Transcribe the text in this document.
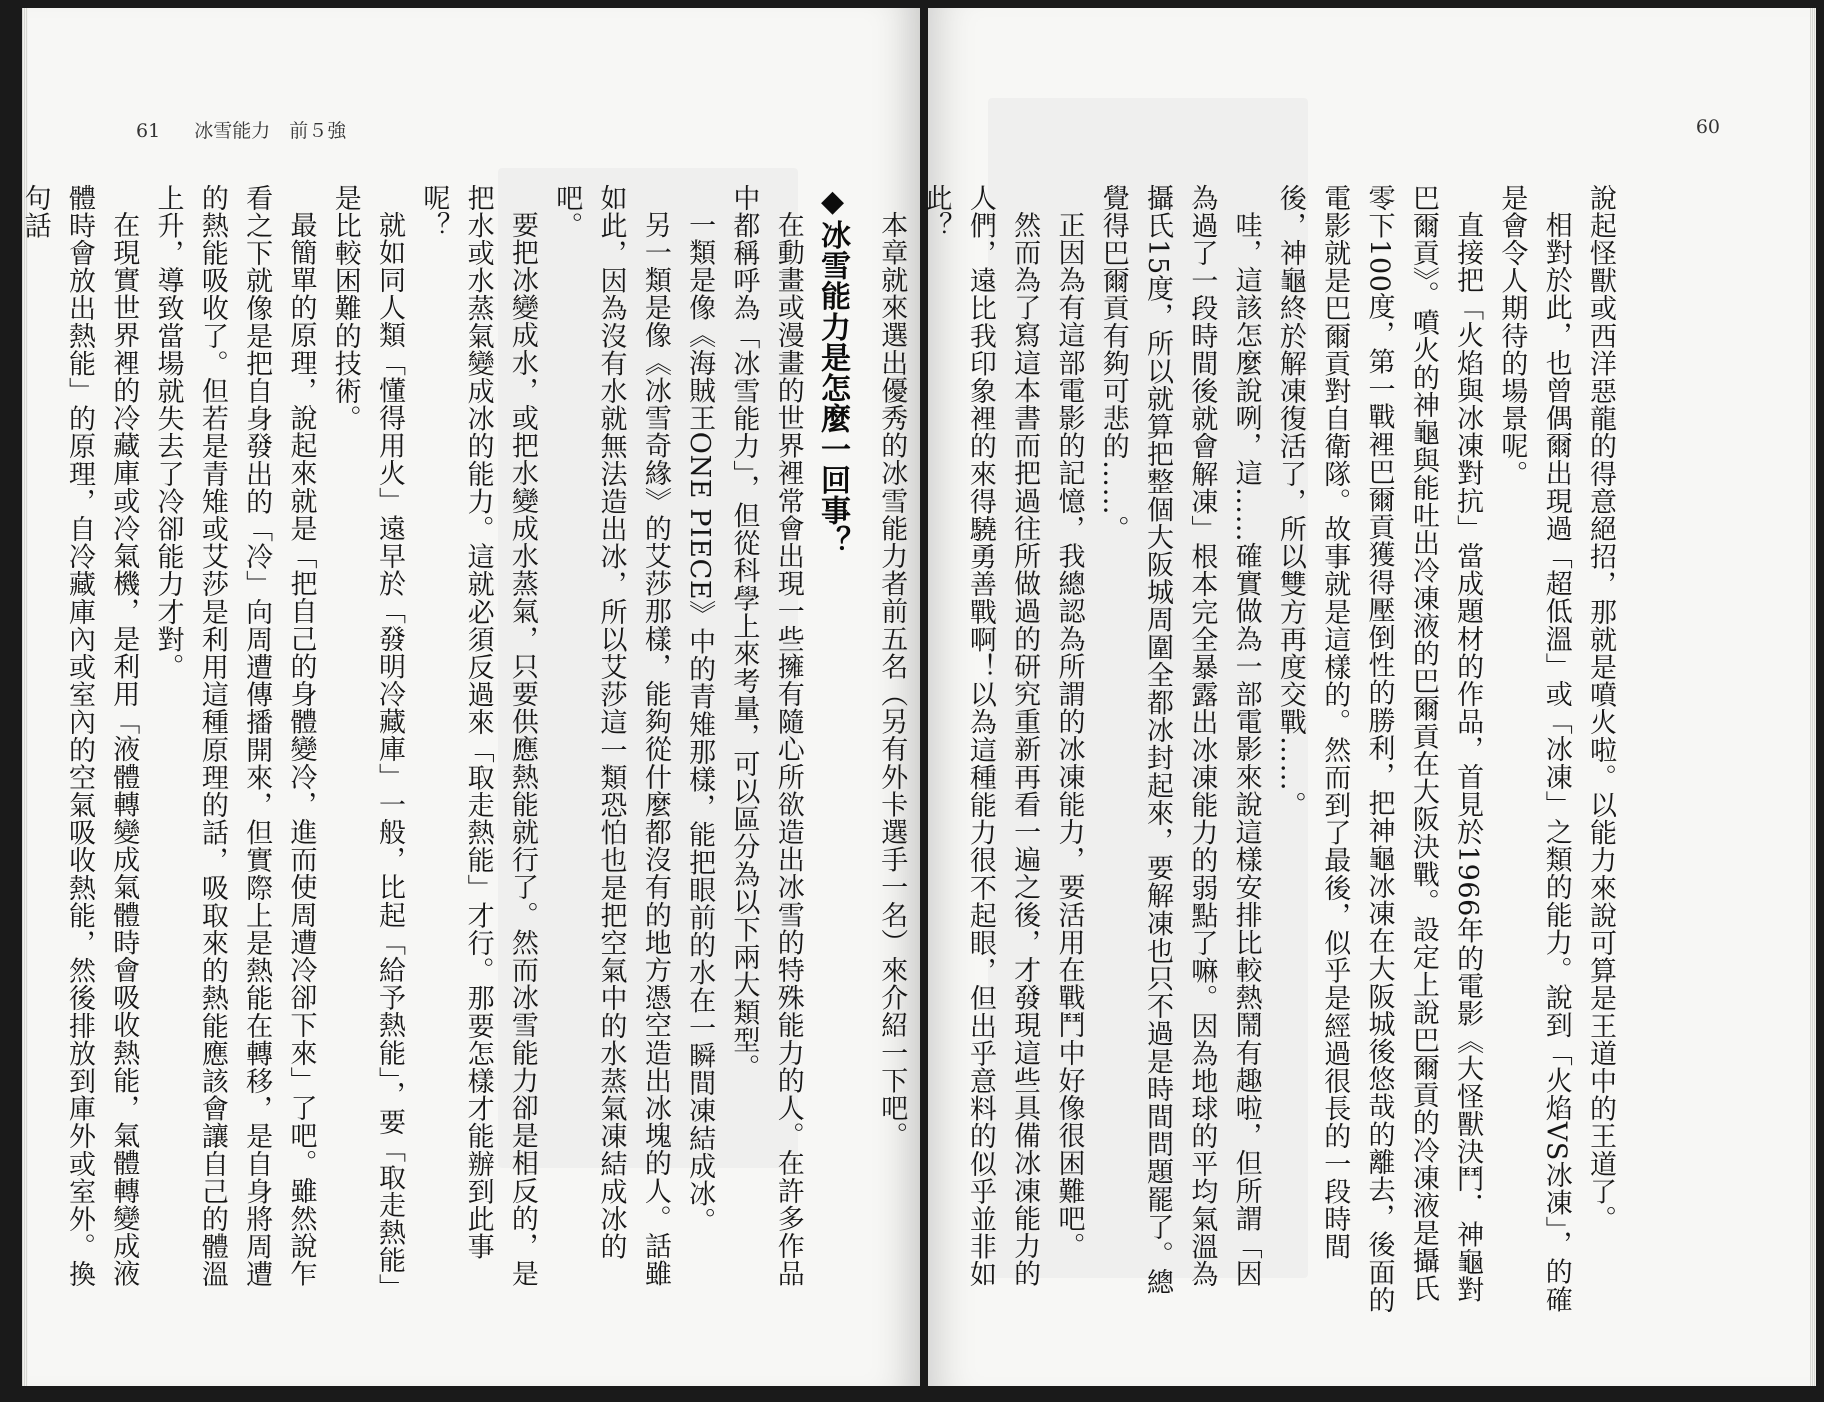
61 冰雪能力　前５強

◆冰雪能力是怎麼一回事？

在動畫或漫畫的世界裡常會出現一些擁有隨心所欲造出冰雪的特殊能力的人。在許多作品中都稱呼為「冰雪能力」，但從科學上來考量，可以區分為以下兩大類型。

一類是像《海賊王ONE PIECE》中的青雉那樣，能把眼前的水在一瞬間凍結成冰。

另一類是像《冰雪奇緣》的艾莎那樣，能夠從什麼都沒有的地方憑空造出冰塊的人。話雖如此，因為沒有水就無法造出冰，所以艾莎這一類恐怕也是把空氣中的水蒸氣凍結成冰的吧。

要把冰變成水，或把水變成水蒸氣，只要供應熱能就行了。然而冰雪能力卻是相反的，是把水或水蒸氣變成冰的能力。這就必須反過來「取走熱能」才行。那要怎樣才能辦到此事呢？

就如同人類「懂得用火」遠早於「發明冷藏庫」一般，比起「給予熱能」，要「取走熱能」是比較困難的技術。

最簡單的原理，說起來就是「把自己的身體變冷，進而使周遭冷卻下來」了吧。雖然說乍看之下就像是把自身發出的「冷」向周遭傳播開來，但實際上是熱能在轉移，是自身將周遭的熱能吸收了。但若是青雉或艾莎是利用這種原理的話，吸取來的熱能應該會讓自己的體溫上升，導致當場就失去了冷卻能力才對。

在現實世界裡的冷藏庫或冷氣機，是利用「液體轉變成氣體時會吸收熱能，氣體轉變成液體時會放出熱能」的原理，自冷藏庫內或室內的空氣吸收熱能，然後排放到庫外或室外。換句話

60

說起怪獸或西洋惡龍的得意絕招，那就是噴火啦。以能力來說可算是王道中的王道了。

相對於此，也曾偶爾出現過「超低溫」或「冰凍」之類的能力。說到「火焰VS冰凍」，的確是會令人期待的場景呢。

直接把「火焰與冰凍對抗」當成題材的作品，首見於1966年的電影《大怪獸決鬥．神龜對巴爾貢》。噴火的神龜與能吐出冷凍液的巴爾貢在大阪決戰。設定上說巴爾貢的冷凍液是攝氏零下100度，第一戰裡巴爾貢獲得壓倒性的勝利，把神龜冰凍在大阪城後悠哉的離去，後面的電影就是巴爾貢對自衛隊。故事就是這樣的。然而到了最後，似乎是經過很長的一段時間後，神龜終於解凍復活了，所以雙方再度交戰……。

哇，這該怎麼說咧，這……確實做為一部電影來說這樣安排比較熱鬧有趣啦，但所謂「因為過了一段時間後就會解凍」根本完全暴露出冰凍能力的弱點了嘛。因為地球的平均氣溫為攝氏15度，所以就算把整個大阪城周圍全都冰封起來，要解凍也只不過是時間問題罷了。總覺得巴爾貢有夠可悲的……。

正因為有這部電影的記憶，我總認為所謂的冰凍能力，要活用在戰鬥中好像很困難吧。

然而為了寫這本書而把過往所做過的研究重新再看一遍之後，才發現這些具備冰凍能力的人們，遠比我印象裡的來得驍勇善戰啊！以為這種能力很不起眼，但出乎意料的似乎並非如此？

本章就來選出優秀的冰雪能力者前五名（另有外卡選手一名）來介紹一下吧。
